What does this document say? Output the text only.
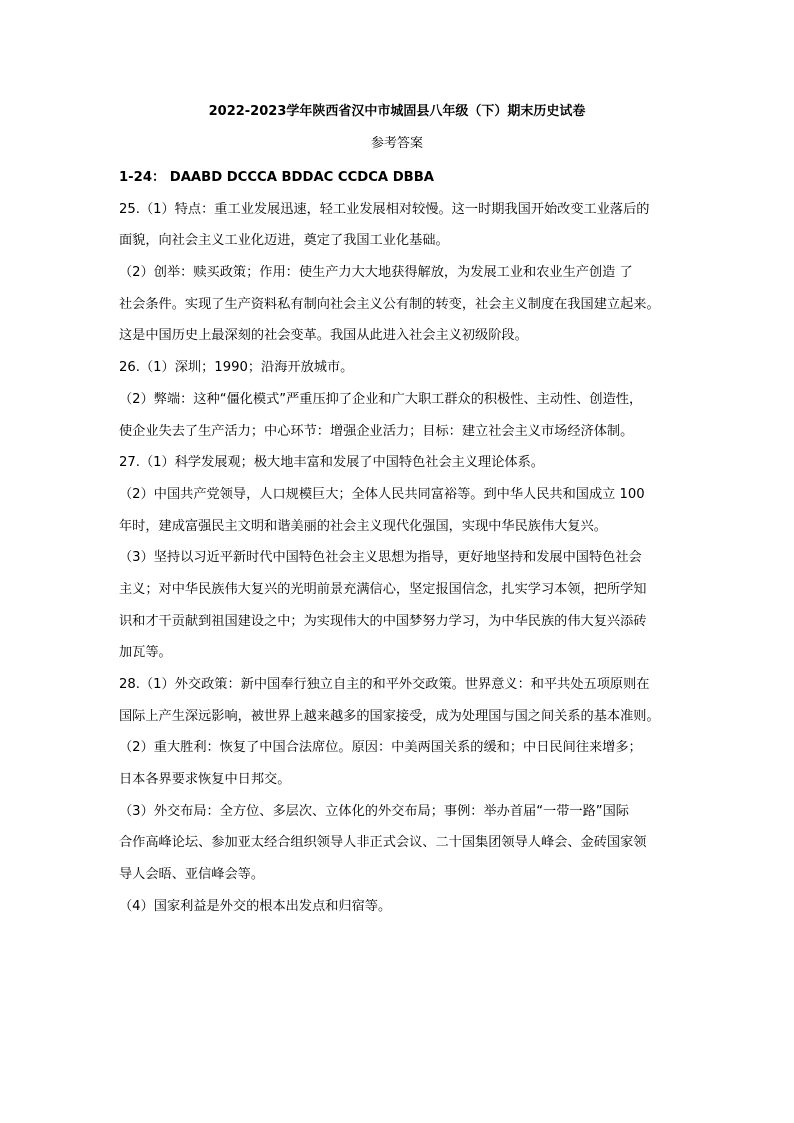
2022-2023学年陕西省汉中市城固县八年级（下）期末历史试卷
参考答案
1-24： DAABD DCCCA BDDAC CCDCA DBBA
25.（1）特点：重工业发展迅速，轻工业发展相对较慢。这一时期我国开始改变工业落后的
面貌，向社会主义工业化迈进，奠定了我国工业化基础。
（2）创举：赎买政策；作用：使生产力大大地获得解放，为发展工业和农业生产创造 了
社会条件。实现了生产资料私有制向社会主义公有制的转变，社会主义制度在我国建立起来。
这是中国历史上最深刻的社会变革。我国从此进入社会主义初级阶段。
26.（1）深圳；1990；沿海开放城市。
（2）弊端：这种“僵化模式”严重压抑了企业和广大职工群众的积极性、主动性、创造性，
使企业失去了生产活力；中心环节：增强企业活力；目标：建立社会主义市场经济体制。
27.（1）科学发展观；极大地丰富和发展了中国特色社会主义理论体系。
（2）中国共产党领导，人口规模巨大；全体人民共同富裕等。到中华人民共和国成立 100
年时，建成富强民主文明和谐美丽的社会主义现代化强国，实现中华民族伟大复兴。
（3）坚持以习近平新时代中国特色社会主义思想为指导，更好地坚持和发展中国特色社会
主义；对中华民族伟大复兴的光明前景充满信心，坚定报国信念，扎实学习本领，把所学知
识和才干贡献到祖国建设之中；为实现伟大的中国梦努力学习，为中华民族的伟大复兴添砖
加瓦等。
28.（1）外交政策：新中国奉行独立自主的和平外交政策。世界意义：和平共处五项原则在
国际上产生深远影响，被世界上越来越多的国家接受，成为处理国与国之间关系的基本准则。
（2）重大胜利：恢复了中国合法席位。原因：中美两国关系的缓和；中日民间往来增多；
日本各界要求恢复中日邦交。
（3）外交布局：全方位、多层次、立体化的外交布局；事例：举办首届“一带一路”国际
合作高峰论坛、参加亚太经合组织领导人非正式会议、二十国集团领导人峰会、金砖国家领
导人会晤、亚信峰会等。
（4）国家利益是外交的根本出发点和归宿等。
